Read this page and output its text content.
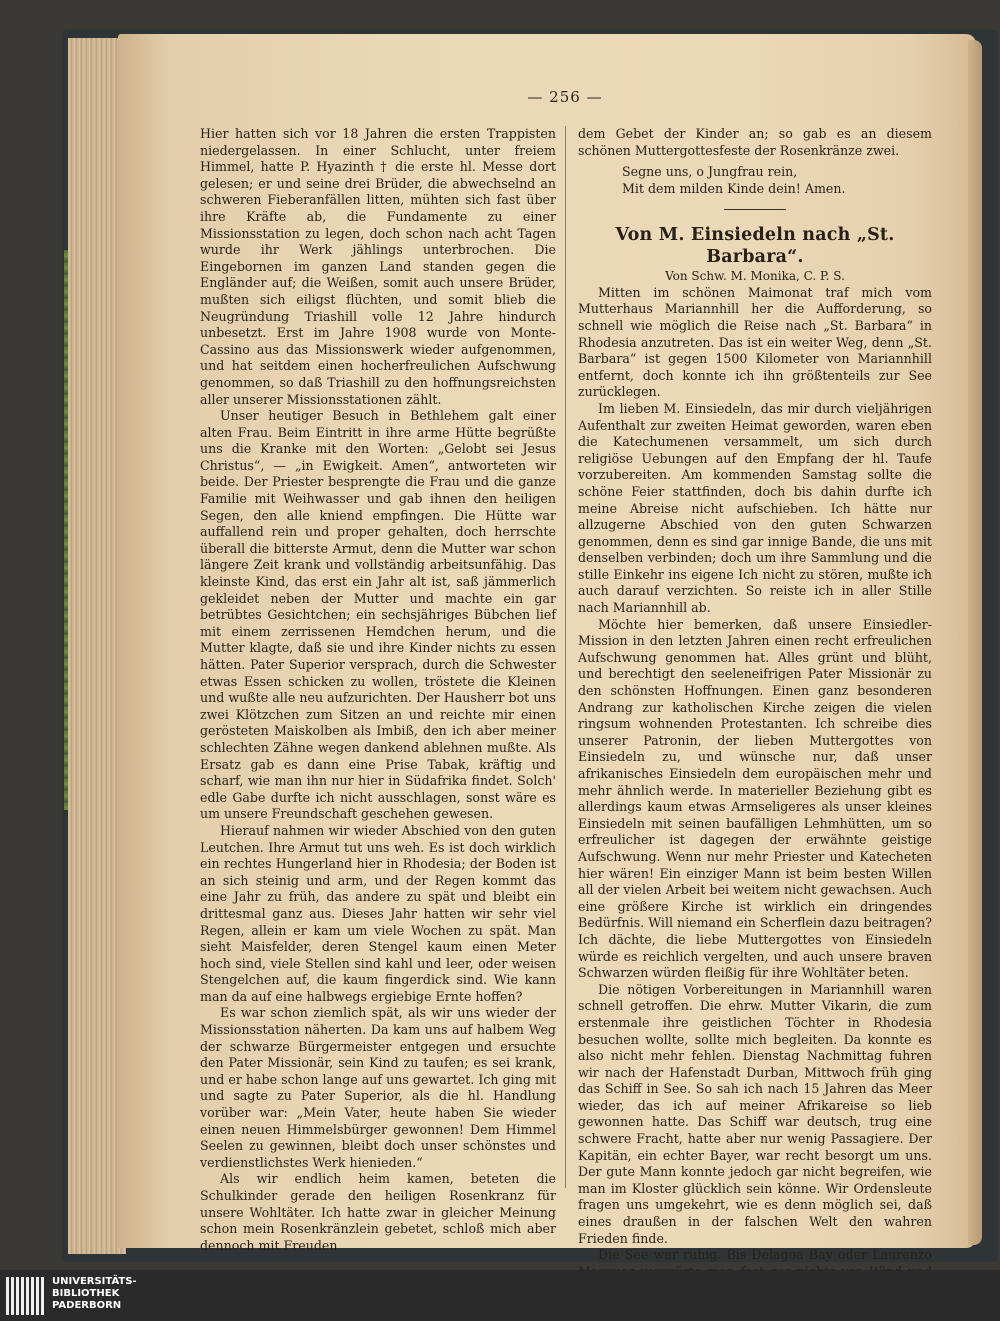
— 256 —

Hier hatten sich vor 18 Jahren die ersten Trappisten niedergelassen. In einer Schlucht, unter freiem Himmel, hatte P. Hyazinth † die erste hl. Messe dort gelesen; er und seine drei Brüder, die abwechselnd an schweren Fieberanfällen litten, mühten sich fast über ihre Kräfte ab, die Fundamente zu einer Missionsstation zu legen, doch schon nach acht Tagen wurde ihr Werk jählings unterbrochen. Die Eingebornen im ganzen Land standen gegen die Engländer auf; die Weißen, somit auch unsere Brüder, mußten sich eiligst flüchten, und somit blieb die Neugründung Triashill volle 12 Jahre hindurch unbesetzt. Erst im Jahre 1908 wurde von Monte-Cassino aus das Missionswerk wieder aufgenommen, und hat seitdem einen hocherfreulichen Aufschwung genommen, so daß Triashill zu den hoffnungsreichsten aller unserer Missionsstationen zählt.

Unser heutiger Besuch in Bethlehem galt einer alten Frau. Beim Eintritt in ihre arme Hütte begrüßte uns die Kranke mit den Worten: „Gelobt sei Jesus Christus“, — „in Ewigkeit. Amen“, antworteten wir beide. Der Priester besprengte die Frau und die ganze Familie mit Weihwasser und gab ihnen den heiligen Segen, den alle kniend empfingen. Die Hütte war auffallend rein und proper gehalten, doch herrschte überall die bitterste Armut, denn die Mutter war schon längere Zeit krank und vollständig arbeitsunfähig. Das kleinste Kind, das erst ein Jahr alt ist, saß jämmerlich gekleidet neben der Mutter und machte ein gar betrübtes Gesichtchen; ein sechsjähriges Bübchen lief mit einem zerrissenen Hemdchen herum, und die Mutter klagte, daß sie und ihre Kinder nichts zu essen hätten. Pater Superior versprach, durch die Schwester etwas Essen schicken zu wollen, tröstete die Kleinen und wußte alle neu aufzurichten. Der Hausherr bot uns zwei Klötzchen zum Sitzen an und reichte mir einen gerösteten Maiskolben als Imbiß, den ich aber meiner schlechten Zähne wegen dankend ablehnen mußte. Als Ersatz gab es dann eine Prise Tabak, kräftig und scharf, wie man ihn nur hier in Südafrika findet. Solch' edle Gabe durfte ich nicht ausschlagen, sonst wäre es um unsere Freundschaft geschehen gewesen.

Hierauf nahmen wir wieder Abschied von den guten Leutchen. Ihre Armut tut uns weh. Es ist doch wirklich ein rechtes Hungerland hier in Rhodesia; der Boden ist an sich steinig und arm, und der Regen kommt das eine Jahr zu früh, das andere zu spät und bleibt ein drittesmal ganz aus. Dieses Jahr hatten wir sehr viel Regen, allein er kam um viele Wochen zu spät. Man sieht Maisfelder, deren Stengel kaum einen Meter hoch sind, viele Stellen sind kahl und leer, oder weisen Stengelchen auf, die kaum fingerdick sind. Wie kann man da auf eine halbwegs ergiebige Ernte hoffen?

Es war schon ziemlich spät, als wir uns wieder der Missionsstation näherten. Da kam uns auf halbem Weg der schwarze Bürgermeister entgegen und ersuchte den Pater Missionär, sein Kind zu taufen; es sei krank, und er habe schon lange auf uns gewartet. Ich ging mit und sagte zu Pater Superior, als die hl. Handlung vorüber war: „Mein Vater, heute haben Sie wieder einen neuen Himmelsbürger gewonnen! Dem Himmel Seelen zu gewinnen, bleibt doch unser schönstes und verdienstlichstes Werk hienieden.“

Als wir endlich heim kamen, beteten die Schulkinder gerade den heiligen Rosenkranz für unsere Wohltäter. Ich hatte zwar in gleicher Meinung schon mein Rosenkränzlein gebetet, schloß mich aber dennoch mit Freuden

dem Gebet der Kinder an; so gab es an diesem schönen Muttergottesfeste der Rosenkränze zwei.

Segne uns, o Jungfrau rein,
Mit dem milden Kinde dein! Amen.

Von M. Einsiedeln nach „St. Barbara“.

Von Schw. M. Monika, C. P. S.

Mitten im schönen Maimonat traf mich vom Mutterhaus Mariannhill her die Aufforderung, so schnell wie möglich die Reise nach „St. Barbara“ in Rhodesia anzutreten. Das ist ein weiter Weg, denn „St. Barbara“ ist gegen 1500 Kilometer von Mariannhill entfernt, doch konnte ich ihn größtenteils zur See zurücklegen.

Im lieben M. Einsiedeln, das mir durch vieljährigen Aufenthalt zur zweiten Heimat geworden, waren eben die Katechumenen versammelt, um sich durch religiöse Uebungen auf den Empfang der hl. Taufe vorzubereiten. Am kommenden Samstag sollte die schöne Feier stattfinden, doch bis dahin durfte ich meine Abreise nicht aufschieben. Ich hätte nur allzugerne Abschied von den guten Schwarzen genommen, denn es sind gar innige Bande, die uns mit denselben verbinden; doch um ihre Sammlung und die stille Einkehr ins eigene Ich nicht zu stören, mußte ich auch darauf verzichten. So reiste ich in aller Stille nach Mariannhill ab.

Möchte hier bemerken, daß unsere Einsiedler-Mission in den letzten Jahren einen recht erfreulichen Aufschwung genommen hat. Alles grünt und blüht, und berechtigt den seeleneifrigen Pater Missionär zu den schönsten Hoffnungen. Einen ganz besonderen Andrang zur katholischen Kirche zeigen die vielen ringsum wohnenden Protestanten. Ich schreibe dies unserer Patronin, der lieben Muttergottes von Einsiedeln zu, und wünsche nur, daß unser afrikanisches Einsiedeln dem europäischen mehr und mehr ähnlich werde. In materieller Beziehung gibt es allerdings kaum etwas Armseligeres als unser kleines Einsiedeln mit seinen baufälligen Lehmhütten, um so erfreulicher ist dagegen der erwähnte geistige Aufschwung. Wenn nur mehr Priester und Katecheten hier wären! Ein einziger Mann ist beim besten Willen all der vielen Arbeit bei weitem nicht gewachsen. Auch eine größere Kirche ist wirklich ein dringendes Bedürfnis. Will niemand ein Scherflein dazu beitragen? Ich dächte, die liebe Muttergottes von Einsiedeln würde es reichlich vergelten, und auch unsere braven Schwarzen würden fleißig für ihre Wohltäter beten.

Die nötigen Vorbereitungen in Mariannhill waren schnell getroffen. Die ehrw. Mutter Vikarin, die zum erstenmale ihre geistlichen Töchter in Rhodesia besuchen wollte, sollte mich begleiten. Da konnte es also nicht mehr fehlen. Dienstag Nachmittag fuhren wir nach der Hafenstadt Durban, Mittwoch früh ging das Schiff in See. So sah ich nach 15 Jahren das Meer wieder, das ich auf meiner Afrikareise so lieb gewonnen hatte. Das Schiff war deutsch, trug eine schwere Fracht, hatte aber nur wenig Passagiere. Der Kapitän, ein echter Bayer, war recht besorgt um uns. Der gute Mann konnte jedoch gar nicht begreifen, wie man im Kloster glücklich sein könne. Wir Ordensleute fragen uns umgekehrt, wie es denn möglich sei, daß eines draußen in der falschen Welt den wahren Frieden finde.

Die See war ruhig. Bis Delagoa Bay oder Laurenzo

UNIVERSITÄTS-
BIBLIOTHEK
PADERBORN
